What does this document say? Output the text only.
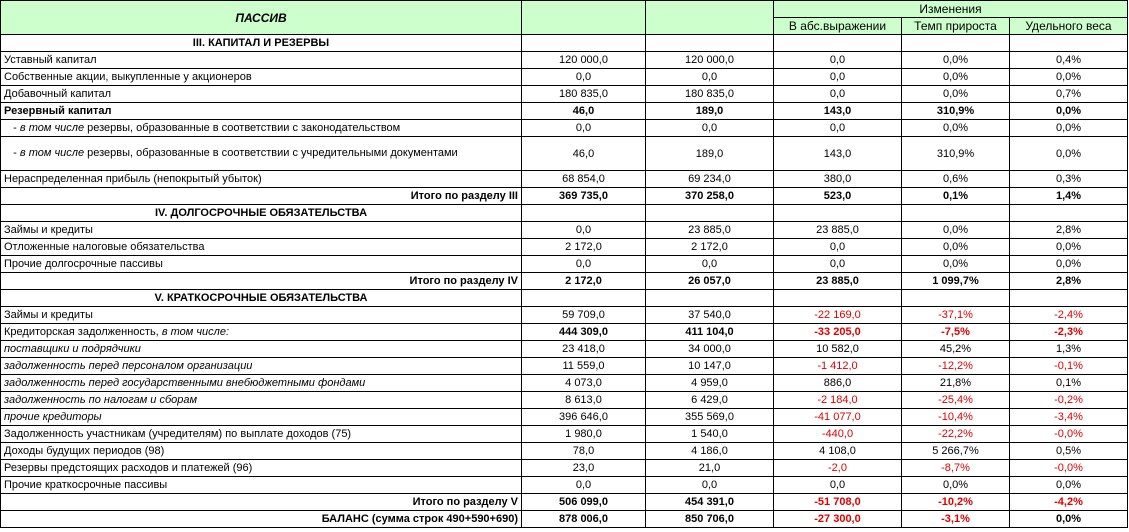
ПАССИВ			Изменения		
			В абс.выражении	Темп прироста	Удельного веса
III. КАПИТАЛ И РЕЗЕРВЫ					
Уставный капитал	120 000,0	120 000,0	0,0	0,0%	0,4%
Собственные акции, выкупленные у акционеров	0,0	0,0	0,0	0,0%	0,0%
Добавочный капитал	180 835,0	180 835,0	0,0	0,0%	0,7%
Резервный капитал	46,0	189,0	143,0	310,9%	0,0%
- в том числе резервы, образованные в соответствии с законодательством	0,0	0,0	0,0	0,0%	0,0%
- в том числе резервы, образованные в соответствии с учредительными документами	46,0	189,0	143,0	310,9%	0,0%
Нераспределенная прибыль (непокрытый убыток)	68 854,0	69 234,0	380,0	0,6%	0,3%
Итого по разделу III	369 735,0	370 258,0	523,0	0,1%	1,4%
IV. ДОЛГОСРОЧНЫЕ ОБЯЗАТЕЛЬСТВА					
Займы и кредиты	0,0	23 885,0	23 885,0	0,0%	2,8%
Отложенные налоговые обязательства	2 172,0	2 172,0	0,0	0,0%	0,0%
Прочие долгосрочные пассивы	0,0	0,0	0,0	0,0%	0,0%
Итого по разделу IV	2 172,0	26 057,0	23 885,0	1 099,7%	2,8%
V. КРАТКОСРОЧНЫЕ ОБЯЗАТЕЛЬСТВА					
Займы и кредиты	59 709,0	37 540,0	-22 169,0	-37,1%	-2,4%
Кредиторская задолженность, в том числе:	444 309,0	411 104,0	-33 205,0	-7,5%	-2,3%
поставщики и подрядчики	23 418,0	34 000,0	10 582,0	45,2%	1,3%
задолженность перед персоналом организации	11 559,0	10 147,0	-1 412,0	-12,2%	-0,1%
задолженность перед государственными внебюджетными фондами	4 073,0	4 959,0	886,0	21,8%	0,1%
задолженность по налогам и сборам	8 613,0	6 429,0	-2 184,0	-25,4%	-0,2%
прочие кредиторы	396 646,0	355 569,0	-41 077,0	-10,4%	-3,4%
Задолженность участникам (учредителям) по выплате доходов (75)	1 980,0	1 540,0	-440,0	-22,2%	-0,0%
Доходы будущих периодов (98)	78,0	4 186,0	4 108,0	5 266,7%	0,5%
Резервы предстоящих расходов и платежей (96)	23,0	21,0	-2,0	-8,7%	-0,0%
Прочие краткосрочные пассивы	0,0	0,0	0,0	0,0%	0,0%
Итого по разделу V	506 099,0	454 391,0	-51 708,0	-10,2%	-4,2%
БАЛАНС (сумма строк 490+590+690)	878 006,0	850 706,0	-27 300,0	-3,1%	0,0%
